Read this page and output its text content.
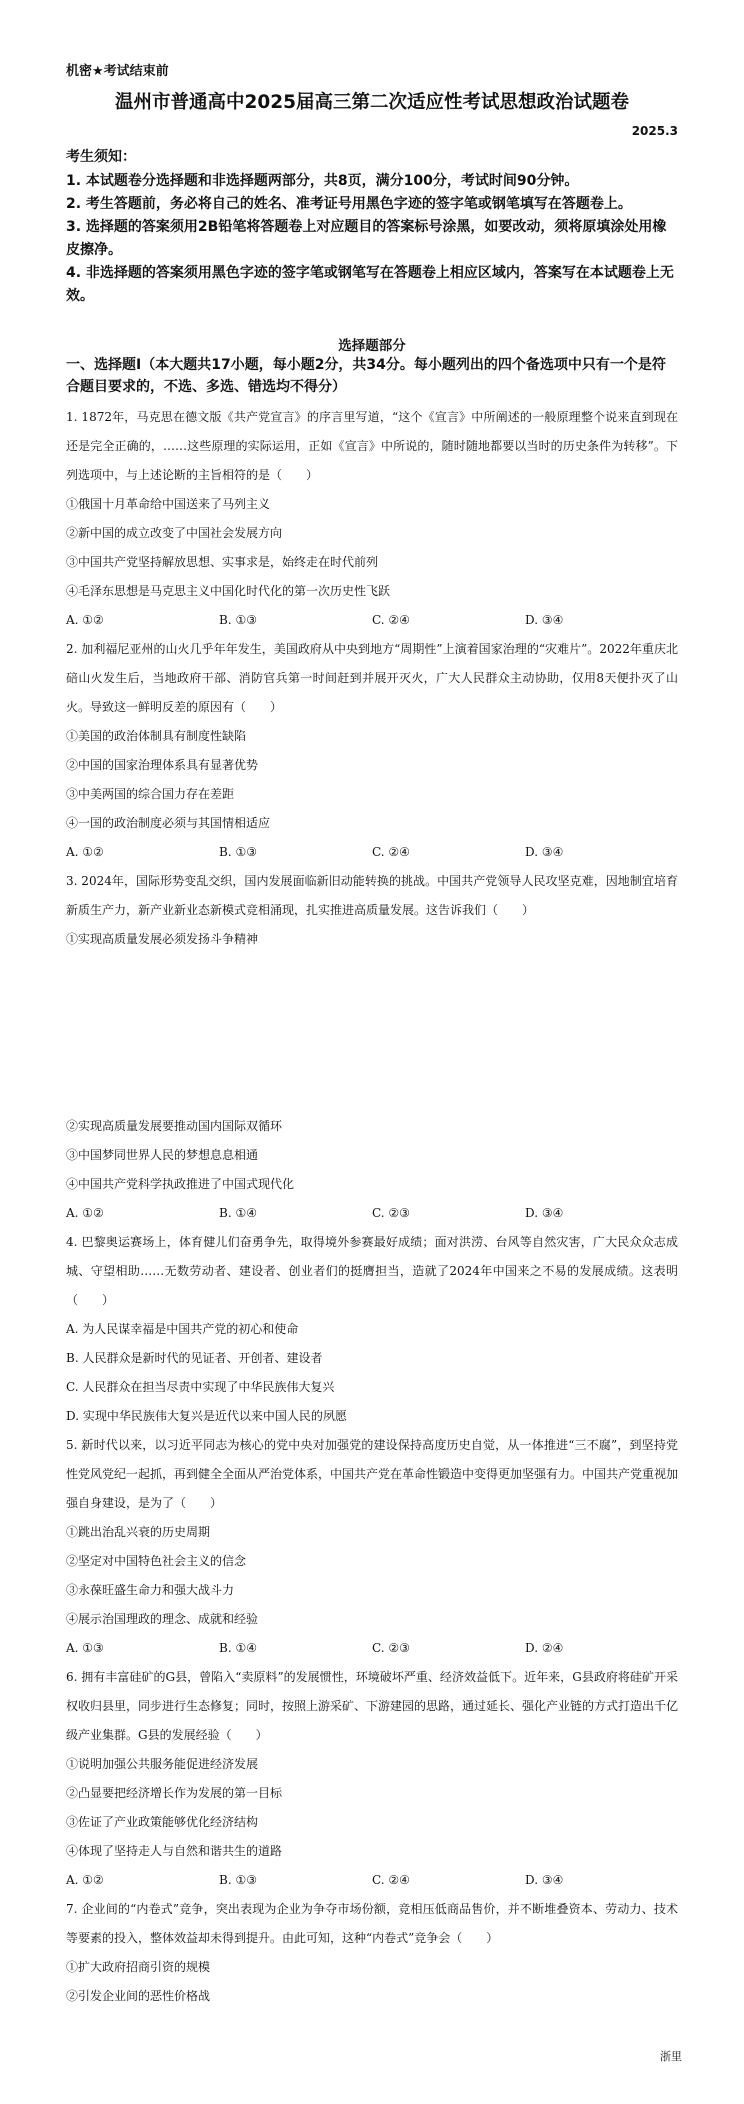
机密★考试结束前
温州市普通高中2025届高三第二次适应性考试思想政治试题卷
2025.3
考生须知：

1. 本试题卷分选择题和非选择题两部分，共8页，满分100分，考试时间90分钟。

2. 考生答题前，务必将自己的姓名、准考证号用黑色字迹的签字笔或钢笔填写在答题卷上。

3. 选择题的答案须用2B铅笔将答题卷上对应题目的答案标号涂黑，如要改动，须将原填涂处用橡皮擦净。

4. 非选择题的答案须用黑色字迹的签字笔或钢笔写在答题卷上相应区域内，答案写在本试题卷上无效。

选择题部分
一、选择题Ⅰ（本大题共17小题，每小题2分，共34分。每小题列出的四个备选项中只有一个是符合题目要求的，不选、多选、错选均不得分）

1. 1872年，马克思在德文版《共产党宣言》的序言里写道，“这个《宣言》中所阐述的一般原理整个说来直到现在还是完全正确的，……这些原理的实际运用，正如《宣言》中所说的，随时随地都要以当时的历史条件为转移”。下列选项中，与上述论断的主旨相符的是（　　）

①俄国十月革命给中国送来了马列主义

②新中国的成立改变了中国社会发展方向

③中国共产党坚持解放思想、实事求是，始终走在时代前列

④毛泽东思想是马克思主义中国化时代化的第一次历史性飞跃

A. ①②	B. ①③	C. ②④	D. ③④

2. 加利福尼亚州的山火几乎年年发生，美国政府从中央到地方“周期性”上演着国家治理的“灾难片”。2022年重庆北碚山火发生后，当地政府干部、消防官兵第一时间赶到并展开灭火，广大人民群众主动协助，仅用8天便扑灭了山火。导致这一鲜明反差的原因有（　　）

①美国的政治体制具有制度性缺陷

②中国的国家治理体系具有显著优势

③中美两国的综合国力存在差距

④一国的政治制度必须与其国情相适应

A. ①②	B. ①③	C. ②④	D. ③④

3. 2024年，国际形势变乱交织，国内发展面临新旧动能转换的挑战。中国共产党领导人民攻坚克难，因地制宜培育新质生产力，新产业新业态新模式竞相涌现，扎实推进高质量发展。这告诉我们（　　）

①实现高质量发展必须发扬斗争精神

②实现高质量发展要推动国内国际双循环

③中国梦同世界人民的梦想息息相通

④中国共产党科学执政推进了中国式现代化

A. ①②	B. ①④	C. ②③	D. ③④

4. 巴黎奥运赛场上，体育健儿们奋勇争先，取得境外参赛最好成绩；面对洪涝、台风等自然灾害，广大民众众志成城、守望相助……无数劳动者、建设者、创业者们的挺膺担当，造就了2024年中国来之不易的发展成绩。这表明（　　）

A. 为人民谋幸福是中国共产党的初心和使命

B. 人民群众是新时代的见证者、开创者、建设者

C. 人民群众在担当尽责中实现了中华民族伟大复兴

D. 实现中华民族伟大复兴是近代以来中国人民的夙愿

5. 新时代以来，以习近平同志为核心的党中央对加强党的建设保持高度历史自觉，从一体推进“三不腐”，到坚持党性党风党纪一起抓，再到健全全面从严治党体系，中国共产党在革命性锻造中变得更加坚强有力。中国共产党重视加强自身建设，是为了（　　）

①跳出治乱兴衰的历史周期

②坚定对中国特色社会主义的信念

③永葆旺盛生命力和强大战斗力

④展示治国理政的理念、成就和经验

A. ①③	B. ①④	C. ②③	D. ②④

6. 拥有丰富硅矿的G县，曾陷入“卖原料”的发展惯性，环境破坏严重、经济效益低下。近年来，G县政府将硅矿开采权收归县里，同步进行生态修复；同时，按照上游采矿、下游建园的思路，通过延长、强化产业链的方式打造出千亿级产业集群。G县的发展经验（　　）

①说明加强公共服务能促进经济发展

②凸显要把经济增长作为发展的第一目标

③佐证了产业政策能够优化经济结构

④体现了坚持走人与自然和谐共生的道路

A. ①②	B. ①③	C. ②④	D. ③④

7. 企业间的“内卷式”竞争，突出表现为企业为争夺市场份额，竞相压低商品售价，并不断堆叠资本、劳动力、技术等要素的投入，整体效益却未得到提升。由此可知，这种“内卷式”竞争会（　　）

①扩大政府招商引资的规模

②引发企业间的恶性价格战

浙里
